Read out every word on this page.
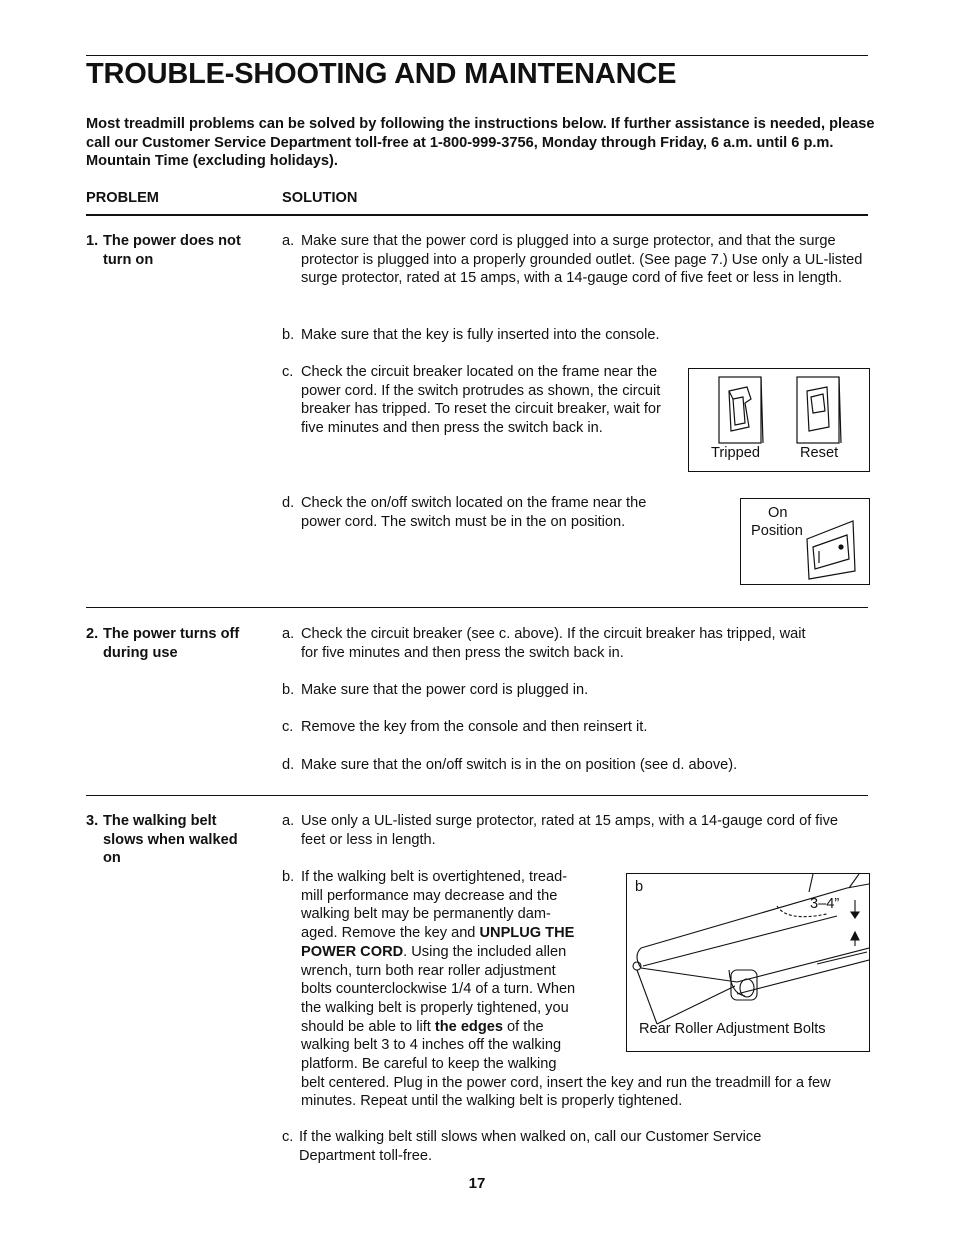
TROUBLE-SHOOTING AND MAINTENANCE
Most treadmill problems can be solved by following the instructions below. If further assistance is needed, please call our Customer Service Department toll-free at 1-800-999-3756, Monday through Friday, 6 a.m. until 6 p.m. Mountain Time (excluding holidays).
PROBLEM	SOLUTION
1. The power does not turn on
a. Make sure that the power cord is plugged into a surge protector, and that the surge protector is plugged into a properly grounded outlet. (See page 7.) Use only a UL-listed surge protector, rated at 15 amps, with a 14-gauge cord of five feet or less in length.
b. Make sure that the key is fully inserted into the console.
c. Check the circuit breaker located on the frame near the power cord. If the switch protrudes as shown, the circuit breaker has tripped. To reset the circuit breaker, wait for five minutes and then press the switch back in.
d. Check the on/off switch located on the frame near the power cord. The switch must be in the on position.
Tripped	Reset
On
Position
2. The power turns off during use
a. Check the circuit breaker (see c. above). If the circuit breaker has tripped, wait for five minutes and then press the switch back in.
b. Make sure that the power cord is plugged in.
c. Remove the key from the console and then reinsert it.
d. Make sure that the on/off switch is in the on position (see d. above).
3. The walking belt slows when walked on
a. Use only a UL-listed surge protector, rated at 15 amps, with a 14-gauge cord of five feet or less in length.
b. If the walking belt is overtightened, tread-
mill performance may decrease and the
walking belt may be permanently dam-
aged. Remove the key and UNPLUG THE
POWER CORD. Using the included allen
wrench, turn both rear roller adjustment
bolts counterclockwise 1/4 of a turn. When
the walking belt is properly tightened, you
should be able to lift the edges of the
walking belt 3 to 4 inches off the walking
platform. Be careful to keep the walking
belt centered. Plug in the power cord, insert the key and run the treadmill for a few minutes. Repeat until the walking belt is properly tightened.
c. If the walking belt still slows when walked on, call our Customer Service Department toll-free.
b
3–4”
Rear Roller Adjustment Bolts
17
